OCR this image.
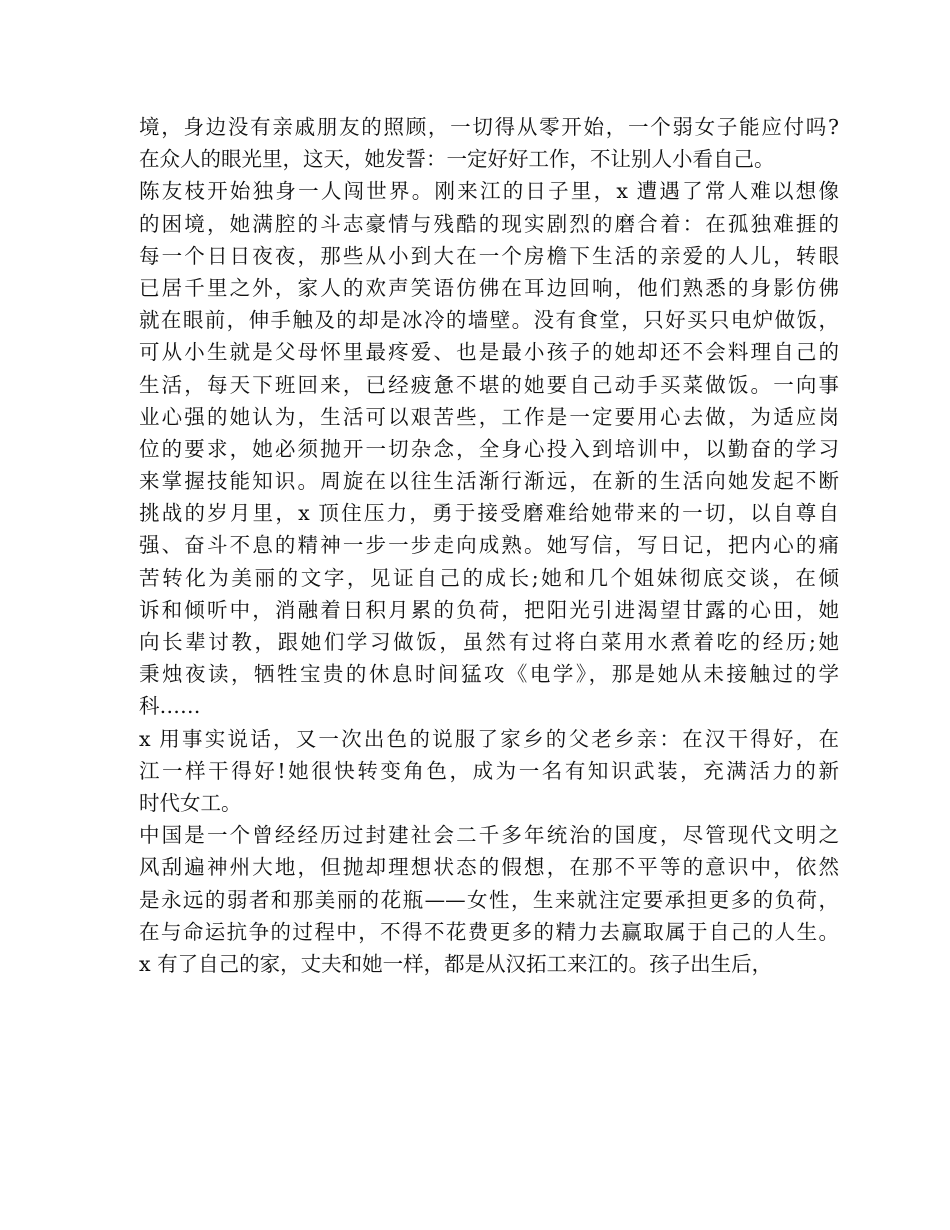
境，身边没有亲戚朋友的照顾，一切得从零开始，一个弱女子能应付吗?
在众人的眼光里，这天，她发誓：一定好好工作，不让别人小看自己。
陈友枝开始独身一人闯世界。刚来江的日子里，x 遭遇了常人难以想像
的困境，她满腔的斗志豪情与残酷的现实剧烈的磨合着：在孤独难捱的
每一个日日夜夜，那些从小到大在一个房檐下生活的亲爱的人儿，转眼
已居千里之外，家人的欢声笑语仿佛在耳边回响，他们熟悉的身影仿佛
就在眼前，伸手触及的却是冰冷的墙壁。没有食堂，只好买只电炉做饭，
可从小生就是父母怀里最疼爱、也是最小孩子的她却还不会料理自己的
生活，每天下班回来，已经疲惫不堪的她要自己动手买菜做饭。一向事
业心强的她认为，生活可以艰苦些，工作是一定要用心去做，为适应岗
位的要求，她必须抛开一切杂念，全身心投入到培训中，以勤奋的学习
来掌握技能知识。周旋在以往生活渐行渐远，在新的生活向她发起不断
挑战的岁月里，x 顶住压力，勇于接受磨难给她带来的一切，以自尊自
强、奋斗不息的精神一步一步走向成熟。她写信，写日记，把内心的痛
苦转化为美丽的文字，见证自己的成长;她和几个姐妹彻底交谈，在倾
诉和倾听中，消融着日积月累的负荷，把阳光引进渴望甘露的心田，她
向长辈讨教，跟她们学习做饭，虽然有过将白菜用水煮着吃的经历;她
秉烛夜读，牺牲宝贵的休息时间猛攻《电学》，那是她从未接触过的学
科……
x 用事实说话，又一次出色的说服了家乡的父老乡亲：在汉干得好，在
江一样干得好!她很快转变角色，成为一名有知识武装，充满活力的新
时代女工。
中国是一个曾经经历过封建社会二千多年统治的国度，尽管现代文明之
风刮遍神州大地，但抛却理想状态的假想，在那不平等的意识中，依然
是永远的弱者和那美丽的花瓶——女性，生来就注定要承担更多的负荷，
在与命运抗争的过程中，不得不花费更多的精力去赢取属于自己的人生。
x 有了自己的家，丈夫和她一样，都是从汉拓工来江的。孩子出生后，
